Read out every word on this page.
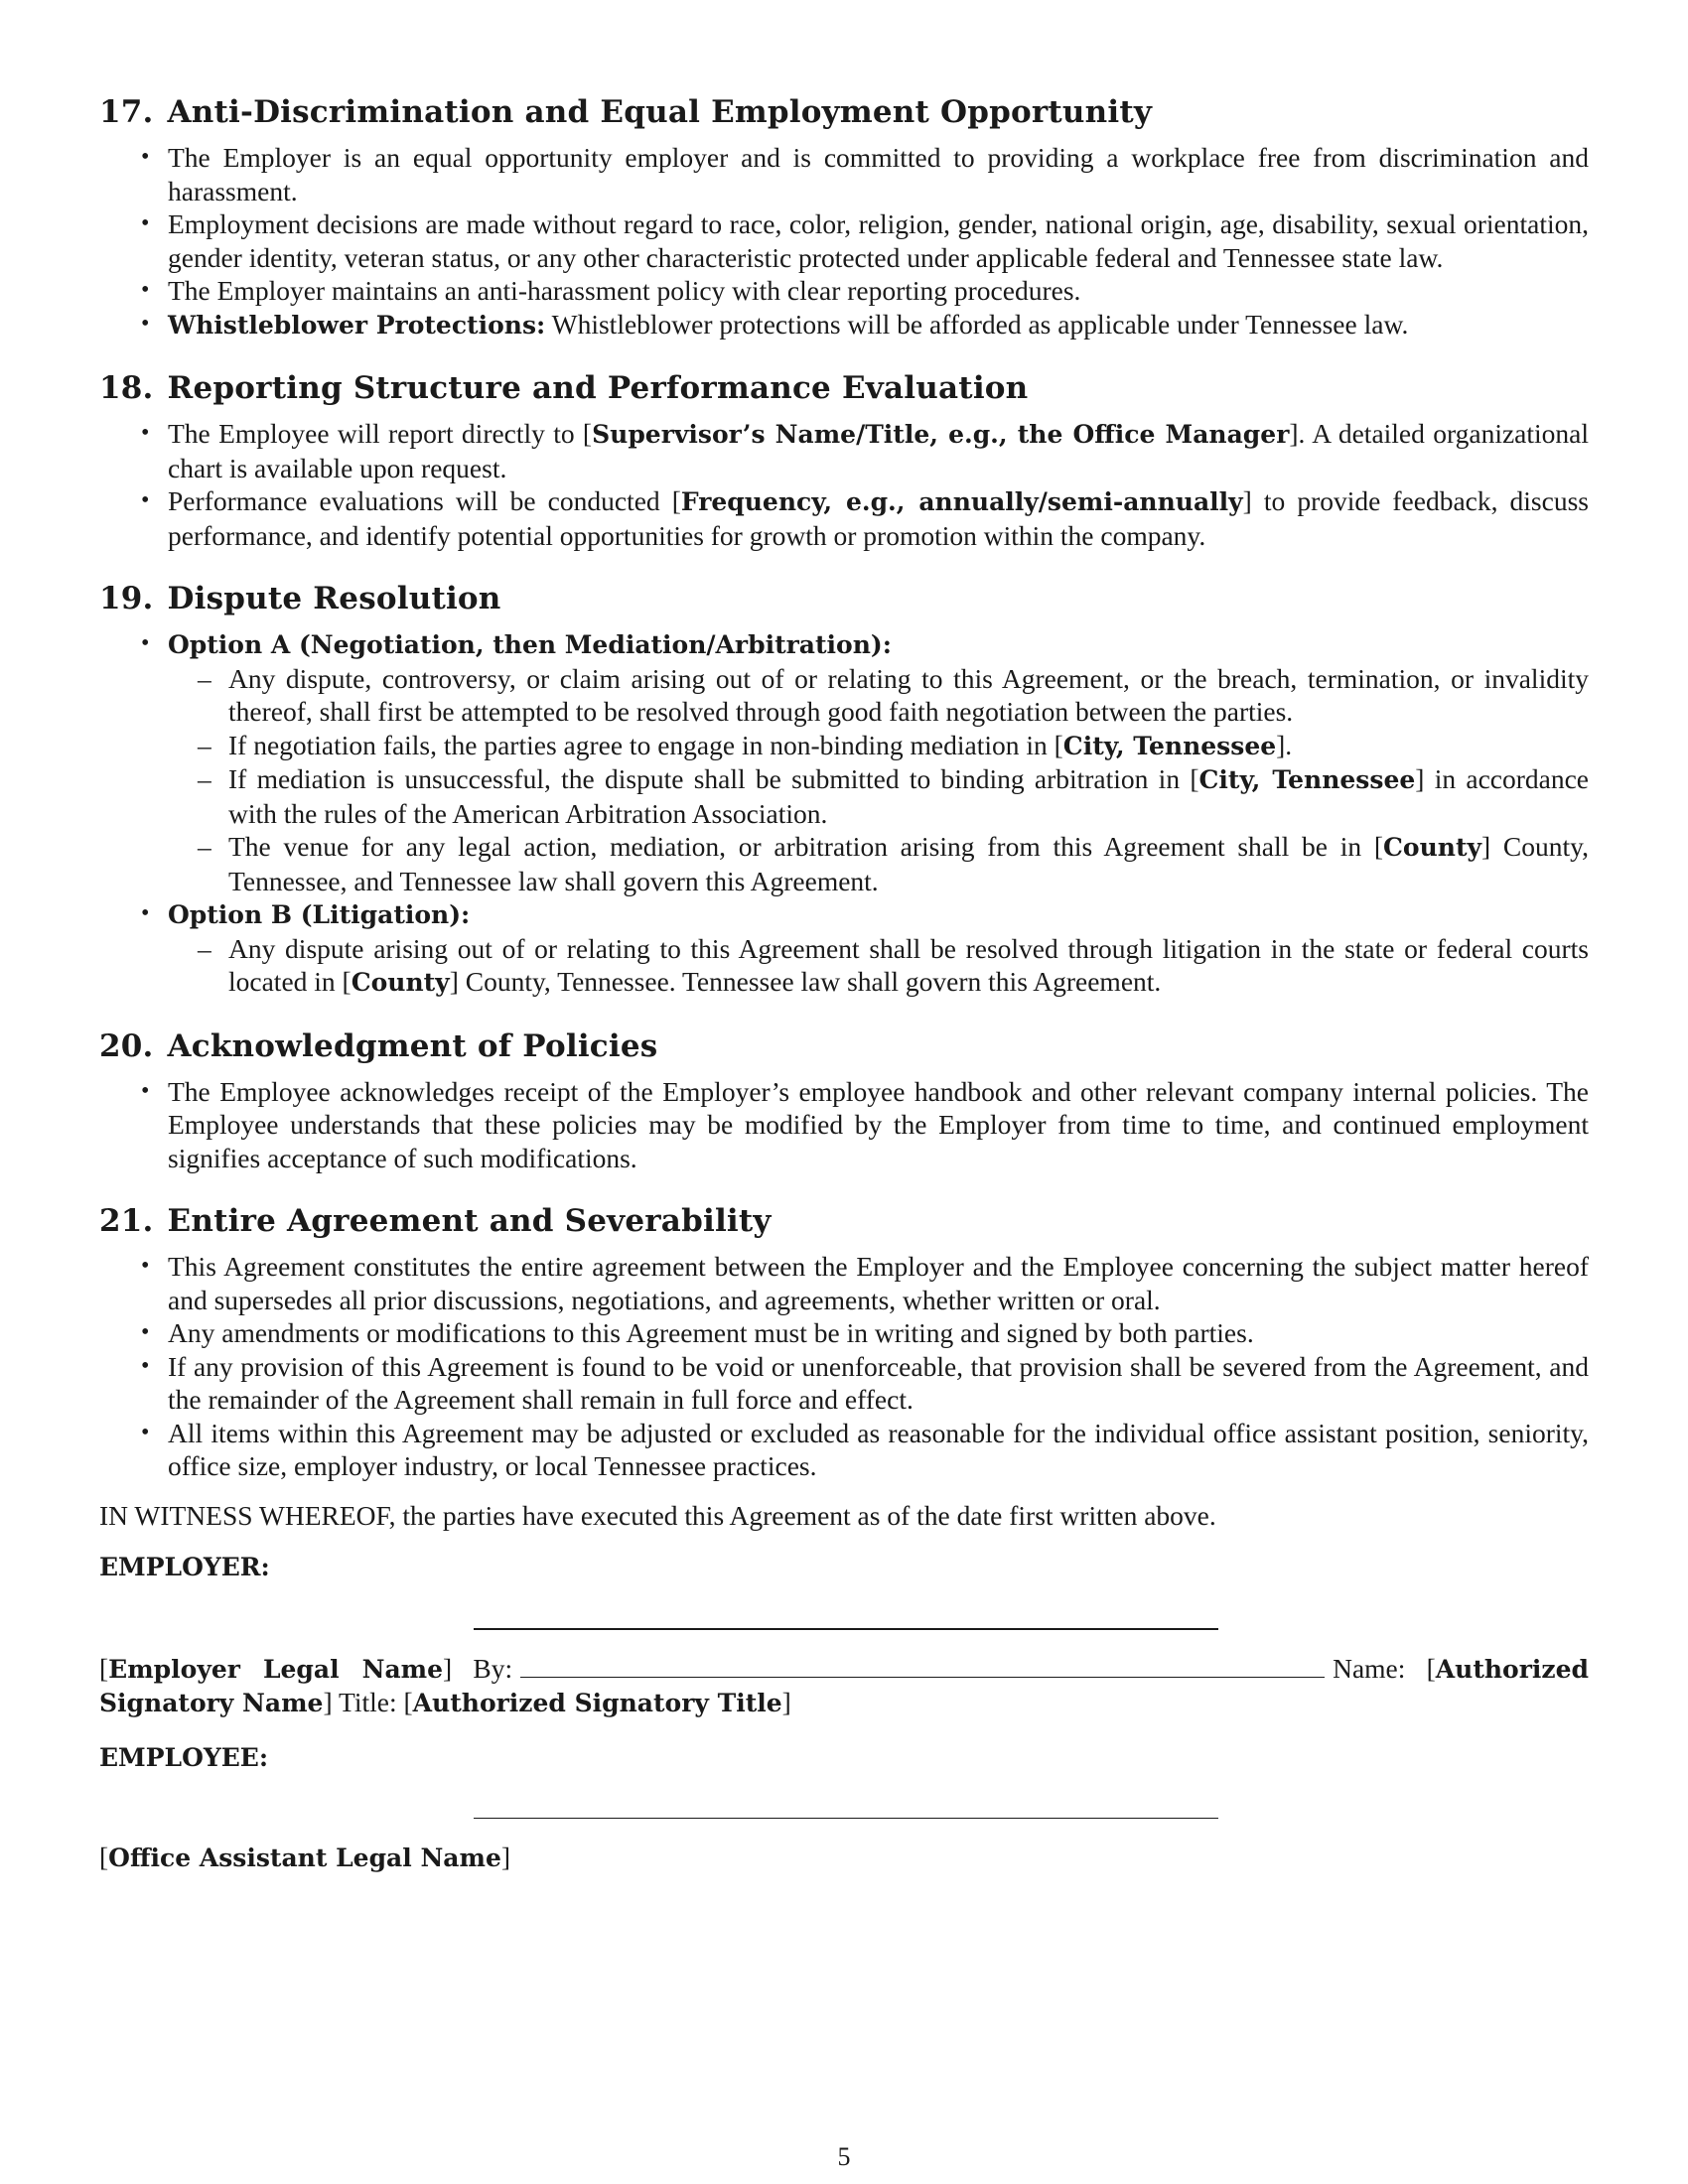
17. Anti-Discrimination and Equal Employment Opportunity
• The Employer is an equal opportunity employer and is committed to providing a workplace free from discrimination and harassment.
• Employment decisions are made without regard to race, color, religion, gender, national origin, age, disability, sexual orientation, gender identity, veteran status, or any other characteristic protected under applicable federal and Tennessee state law.
• The Employer maintains an anti-harassment policy with clear reporting procedures.
• Whistleblower Protections: Whistleblower protections will be afforded as applicable under Tennessee law.
18. Reporting Structure and Performance Evaluation
• The Employee will report directly to [Supervisor’s Name/Title, e.g., the Office Manager]. A detailed organizational chart is available upon request.
• Performance evaluations will be conducted [Frequency, e.g., annually/semi-annually] to provide feedback, discuss performance, and identify potential opportunities for growth or promotion within the company.
19. Dispute Resolution
• Option A (Negotiation, then Mediation/Arbitration):
– Any dispute, controversy, or claim arising out of or relating to this Agreement, or the breach, termination, or invalidity thereof, shall first be attempted to be resolved through good faith negotiation between the parties.
– If negotiation fails, the parties agree to engage in non-binding mediation in [City, Tennessee].
– If mediation is unsuccessful, the dispute shall be submitted to binding arbitration in [City, Tennessee] in accordance with the rules of the American Arbitration Association.
– The venue for any legal action, mediation, or arbitration arising from this Agreement shall be in [County] County, Tennessee, and Tennessee law shall govern this Agreement.
• Option B (Litigation):
– Any dispute arising out of or relating to this Agreement shall be resolved through litigation in the state or federal courts located in [County] County, Tennessee. Tennessee law shall govern this Agreement.
20. Acknowledgment of Policies
• The Employee acknowledges receipt of the Employer’s employee handbook and other relevant company internal policies. The Employee understands that these policies may be modified by the Employer from time to time, and continued employment signifies acceptance of such modifications.
21. Entire Agreement and Severability
• This Agreement constitutes the entire agreement between the Employer and the Employee concerning the subject matter hereof and supersedes all prior discussions, negotiations, and agreements, whether written or oral.
• Any amendments or modifications to this Agreement must be in writing and signed by both parties.
• If any provision of this Agreement is found to be void or unenforceable, that provision shall be severed from the Agreement, and the remainder of the Agreement shall remain in full force and effect.
• All items within this Agreement may be adjusted or excluded as reasonable for the individual office assistant position, seniority, office size, employer industry, or local Tennessee practices.
IN WITNESS WHEREOF, the parties have executed this Agreement as of the date first written above.
EMPLOYER:
[Employer Legal Name] By:	Name: [Authorized Signatory Name] Title: [Authorized Signatory Title]
EMPLOYEE:
[Office Assistant Legal Name]
5
